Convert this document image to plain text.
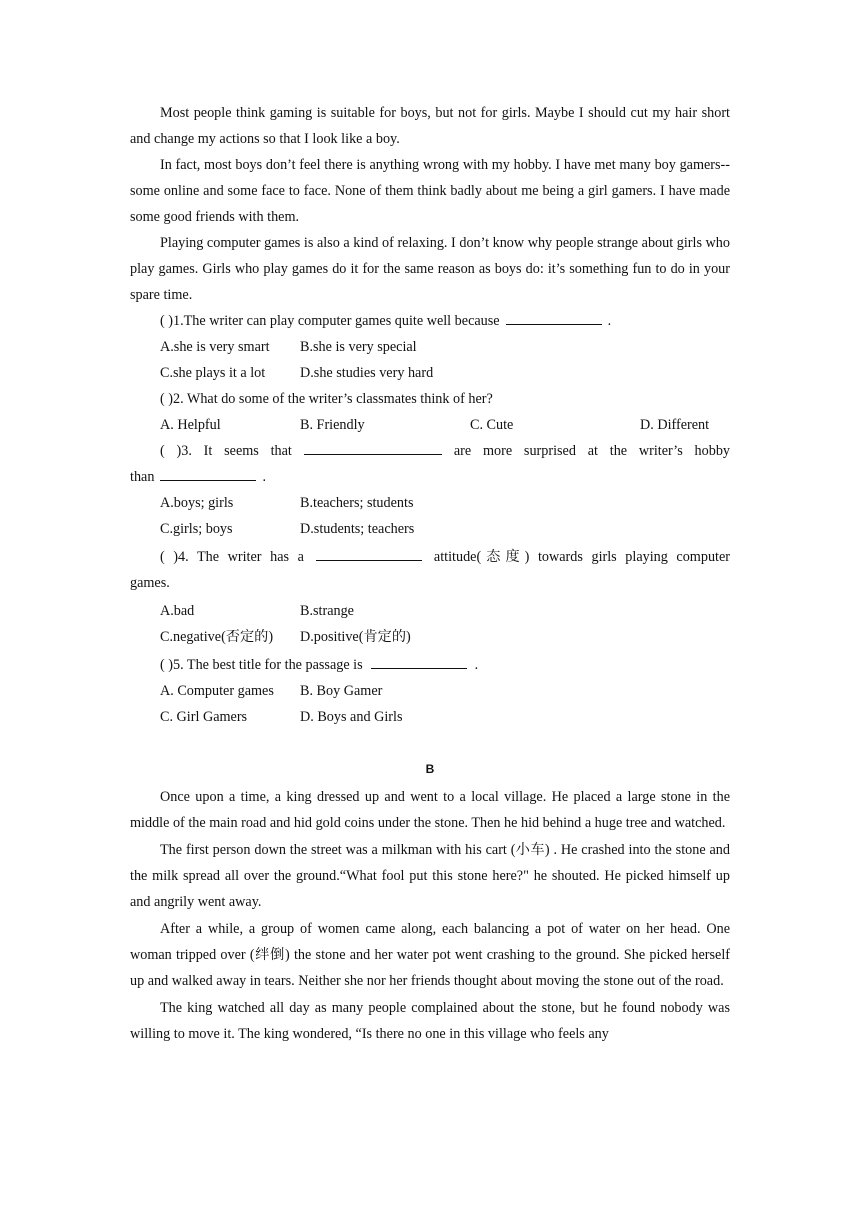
Most people think gaming is suitable for boys, but not for girls. Maybe I should cut my hair short and change my actions so that I look like a boy.

In fact, most boys don’t feel there is anything wrong with my hobby. I have met many boy gamers--some online and some face to face. None of them think badly about me being a girl gamers. I have made some good friends with them.

Playing computer games is also a kind of relaxing. I don’t know why people strange about girls who play games. Girls who play games do it for the same reason as boys do: it’s something fun to do in your spare time.

( )1.The writer can play computer games quite well because	.

A.she is very smart	B.she is very special
C.she plays it a lot	D.she studies very hard

( )2. What do some of the writer’s classmates think of her?

A. Helpful	B. Friendly	C. Cute	D. Different

( )3. It seems that	are more surprised at the writer’s hobby

than	.

A.boys; girls	B.teachers; students
C.girls; boys	D.students; teachers

( )4. The writer has a	attitude(态度) towards girls playing computer

games.

A.bad	B.strange
C.negative(否定的)	D.positive(肯定的)

( )5. The best title for the passage is	.

A. Computer games	B. Boy Gamer
C. Girl Gamers	D. Boys and Girls
B

Once upon a time, a king dressed up and went to a local village. He placed a large stone in the middle of the main road and hid gold coins under the stone. Then he hid behind a huge tree and watched.

The first person down the street was a milkman with his cart (小车) . He crashed into the stone and the milk spread all over the ground.“What fool put this stone here?" he shouted. He picked himself up and angrily went away.

After a while, a group of women came along, each balancing a pot of water on her head. One woman tripped over (绊倒) the stone and her water pot went crashing to the ground. She picked herself up and walked away in tears. Neither she nor her friends thought about moving the stone out of the road.

The king watched all day as many people complained about the stone, but he found nobody was willing to move it. The king wondered, “Is there no one in this village who feels any
